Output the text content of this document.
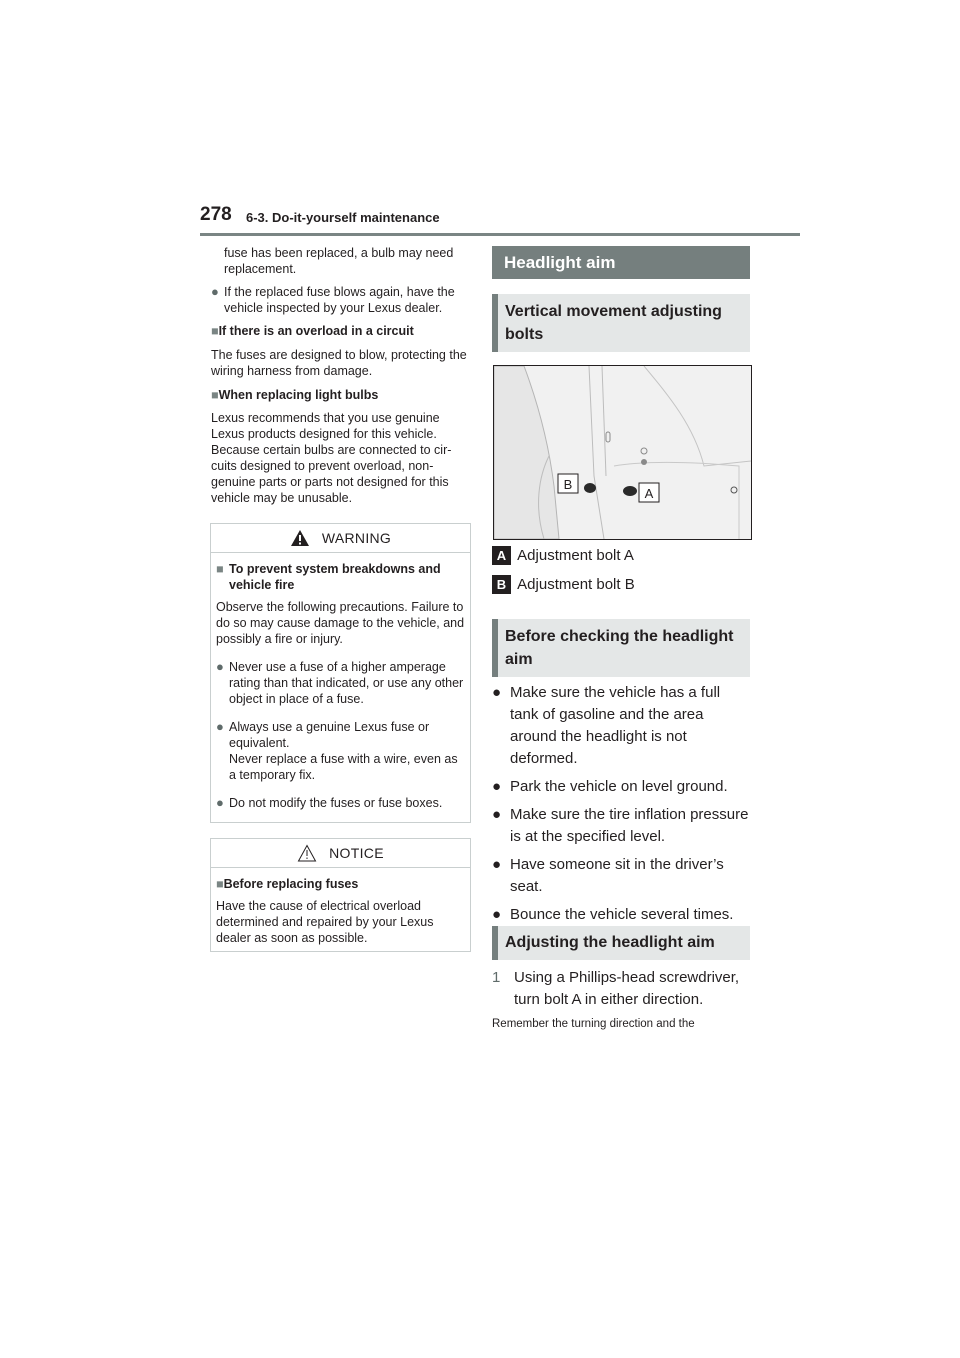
278 6-3. Do-it-yourself maintenance

fuse has been replaced, a bulb may need replacement.

● If the replaced fuse blows again, have the vehicle inspected by your Lexus dealer.

■If there is an overload in a circuit

The fuses are designed to blow, protecting the wiring harness from damage.

■When replacing light bulbs

Lexus recommends that you use genuine Lexus products designed for this vehicle. Because certain bulbs are connected to cir-cuits designed to prevent overload, non-genuine parts or parts not designed for this vehicle may be unusable.

WARNING
■ To prevent system breakdowns and vehicle fire

Observe the following precautions. Failure to do so may cause damage to the vehicle, and possibly a fire or injury.

● Never use a fuse of a higher amperage rating than that indicated, or use any other object in place of a fuse.
● Always use a genuine Lexus fuse or equivalent.
Never replace a fuse with a wire, even as a temporary fix.
● Do not modify the fuses or fuse boxes.
NOTICE
■Before replacing fuses

Have the cause of electrical overload determined and repaired by your Lexus dealer as soon as possible.

Headlight aim
Vertical movement adjusting bolts
B
A
A Adjustment bolt A
B Adjustment bolt B
Before checking the headlight aim
● Make sure the vehicle has a full tank of gasoline and the area around the headlight is not deformed.
● Park the vehicle on level ground.
● Make sure the tire inflation pressure is at the specified level.
● Have someone sit in the driver’s seat.
● Bounce the vehicle several times.
Adjusting the headlight aim
1 Using a Phillips-head screwdriver, turn bolt A in either direction.
Remember the turning direction and the
